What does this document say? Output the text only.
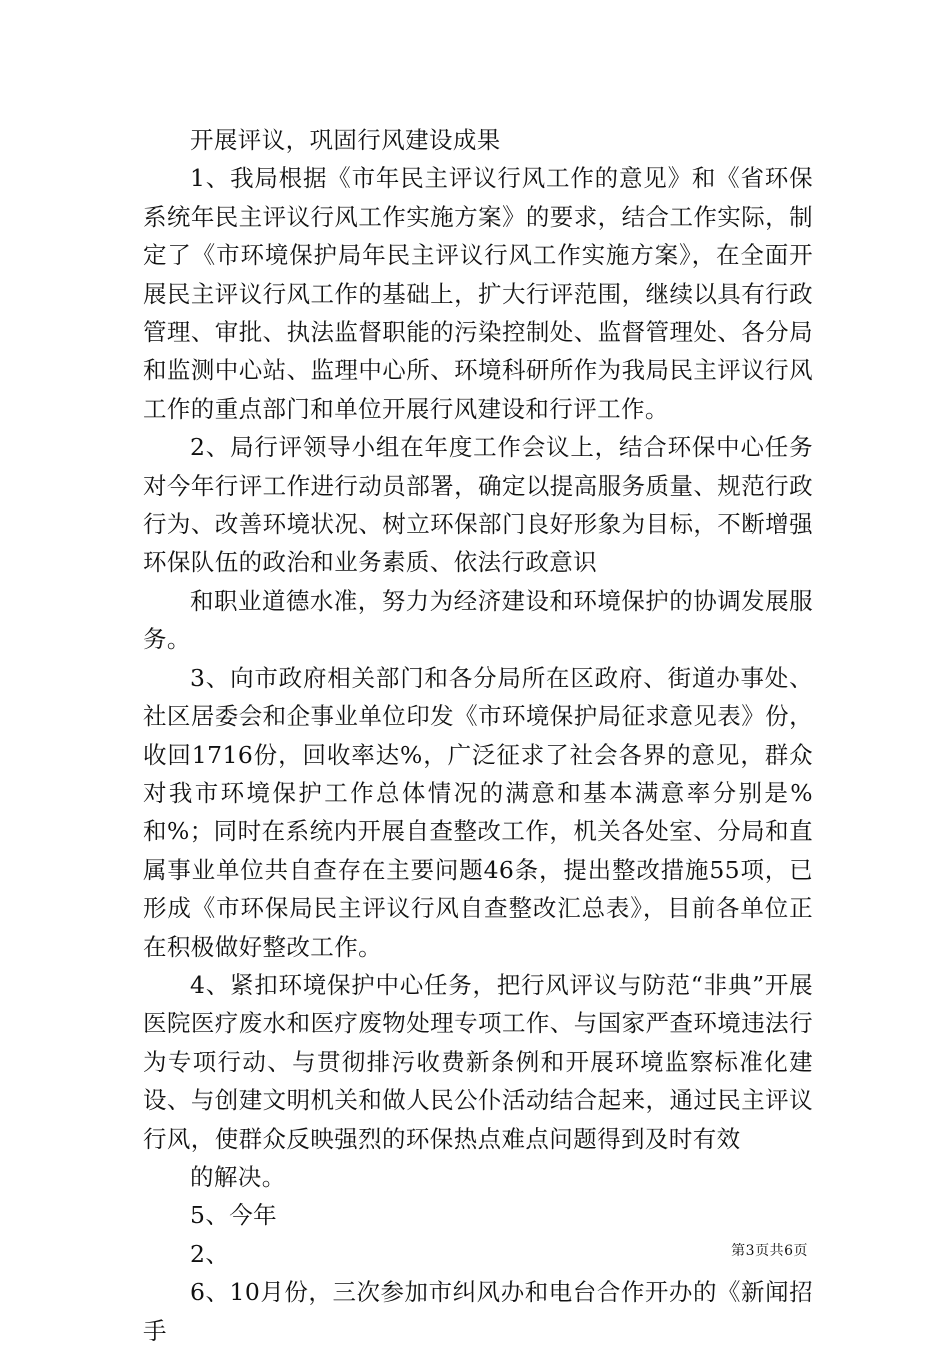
开展评议，巩固行风建设成果

1、我局根据《市年民主评议行风工作的意见》和《省环保系统年民主评议行风工作实施方案》的要求，结合工作实际，制定了《市环境保护局年民主评议行风工作实施方案》，在全面开展民主评议行风工作的基础上，扩大行评范围，继续以具有行政管理、审批、执法监督职能的污染控制处、监督管理处、各分局和监测中心站、监理中心所、环境科研所作为我局民主评议行风工作的重点部门和单位开展行风建设和行评工作。

2、局行评领导小组在年度工作会议上，结合环保中心任务对今年行评工作进行动员部署，确定以提高服务质量、规范行政行为、改善环境状况、树立环保部门良好形象为目标，不断增强环保队伍的政治和业务素质、依法行政意识

和职业道德水准，努力为经济建设和环境保护的协调发展服务。

3、向市政府相关部门和各分局所在区政府、街道办事处、社区居委会和企事业单位印发《市环境保护局征求意见表》份，收回1716份，回收率达%，广泛征求了社会各界的意见，群众对我市环境保护工作总体情况的满意和基本满意率分别是%和%；同时在系统内开展自查整改工作，机关各处室、分局和直属事业单位共自查存在主要问题46条，提出整改措施55项，已形成《市环保局民主评议行风自查整改汇总表》，目前各单位正在积极做好整改工作。

4、紧扣环境保护中心任务，把行风评议与防范“非典”开展医院医疗废水和医疗废物处理专项工作、与国家严查环境违法行为专项行动、与贯彻排污收费新条例和开展环境监察标准化建设、与创建文明机关和做人民公仆活动结合起来，通过民主评议行风，使群众反映强烈的环保热点难点问题得到及时有效

的解决。

5、今年

2、

6、10月份，三次参加市纠风办和电台合作开办的《新闻招手

第3页共6页
